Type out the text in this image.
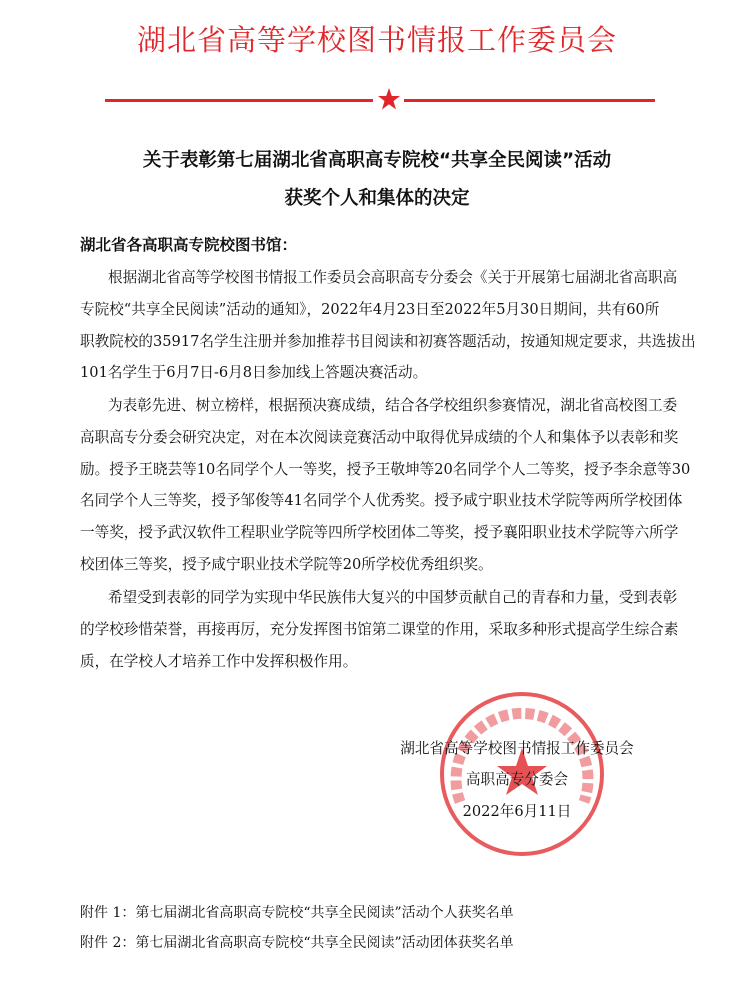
湖北省高等学校图书情报工作委员会
关于表彰第七届湖北省高职高专院校“共享全民阅读”活动
获奖个人和集体的决定
湖北省各高职高专院校图书馆：
根据湖北省高等学校图书情报工作委员会高职高专分委会《关于开展第七届湖北省高职高
专院校“共享全民阅读”活动的通知》，2022年4月23日至2022年5月30日期间，共有60所
职教院校的35917名学生注册并参加推荐书目阅读和初赛答题活动，按通知规定要求，共选拔出
101名学生于6月7日-6月8日参加线上答题决赛活动。
为表彰先进、树立榜样，根据预决赛成绩，结合各学校组织参赛情况，湖北省高校图工委
高职高专分委会研究决定，对在本次阅读竞赛活动中取得优异成绩的个人和集体予以表彰和奖
励。授予王晓芸等10名同学个人一等奖，授予王敬坤等20名同学个人二等奖，授予李余意等30
名同学个人三等奖，授予邹俊等41名同学个人优秀奖。授予咸宁职业技术学院等两所学校团体
一等奖，授予武汉软件工程职业学院等四所学校团体二等奖，授予襄阳职业技术学院等六所学
校团体三等奖，授予咸宁职业技术学院等20所学校优秀组织奖。
希望受到表彰的同学为实现中华民族伟大复兴的中国梦贡献自己的青春和力量，受到表彰
的学校珍惜荣誉，再接再厉，充分发挥图书馆第二课堂的作用，采取多种形式提高学生综合素
质，在学校人才培养工作中发挥积极作用。
湖北省高等学校图书情报工作委员会
高职高专分委会
2022年6月11日
附件 1：第七届湖北省高职高专院校“共享全民阅读”活动个人获奖名单
附件 2：第七届湖北省高职高专院校“共享全民阅读”活动团体获奖名单
